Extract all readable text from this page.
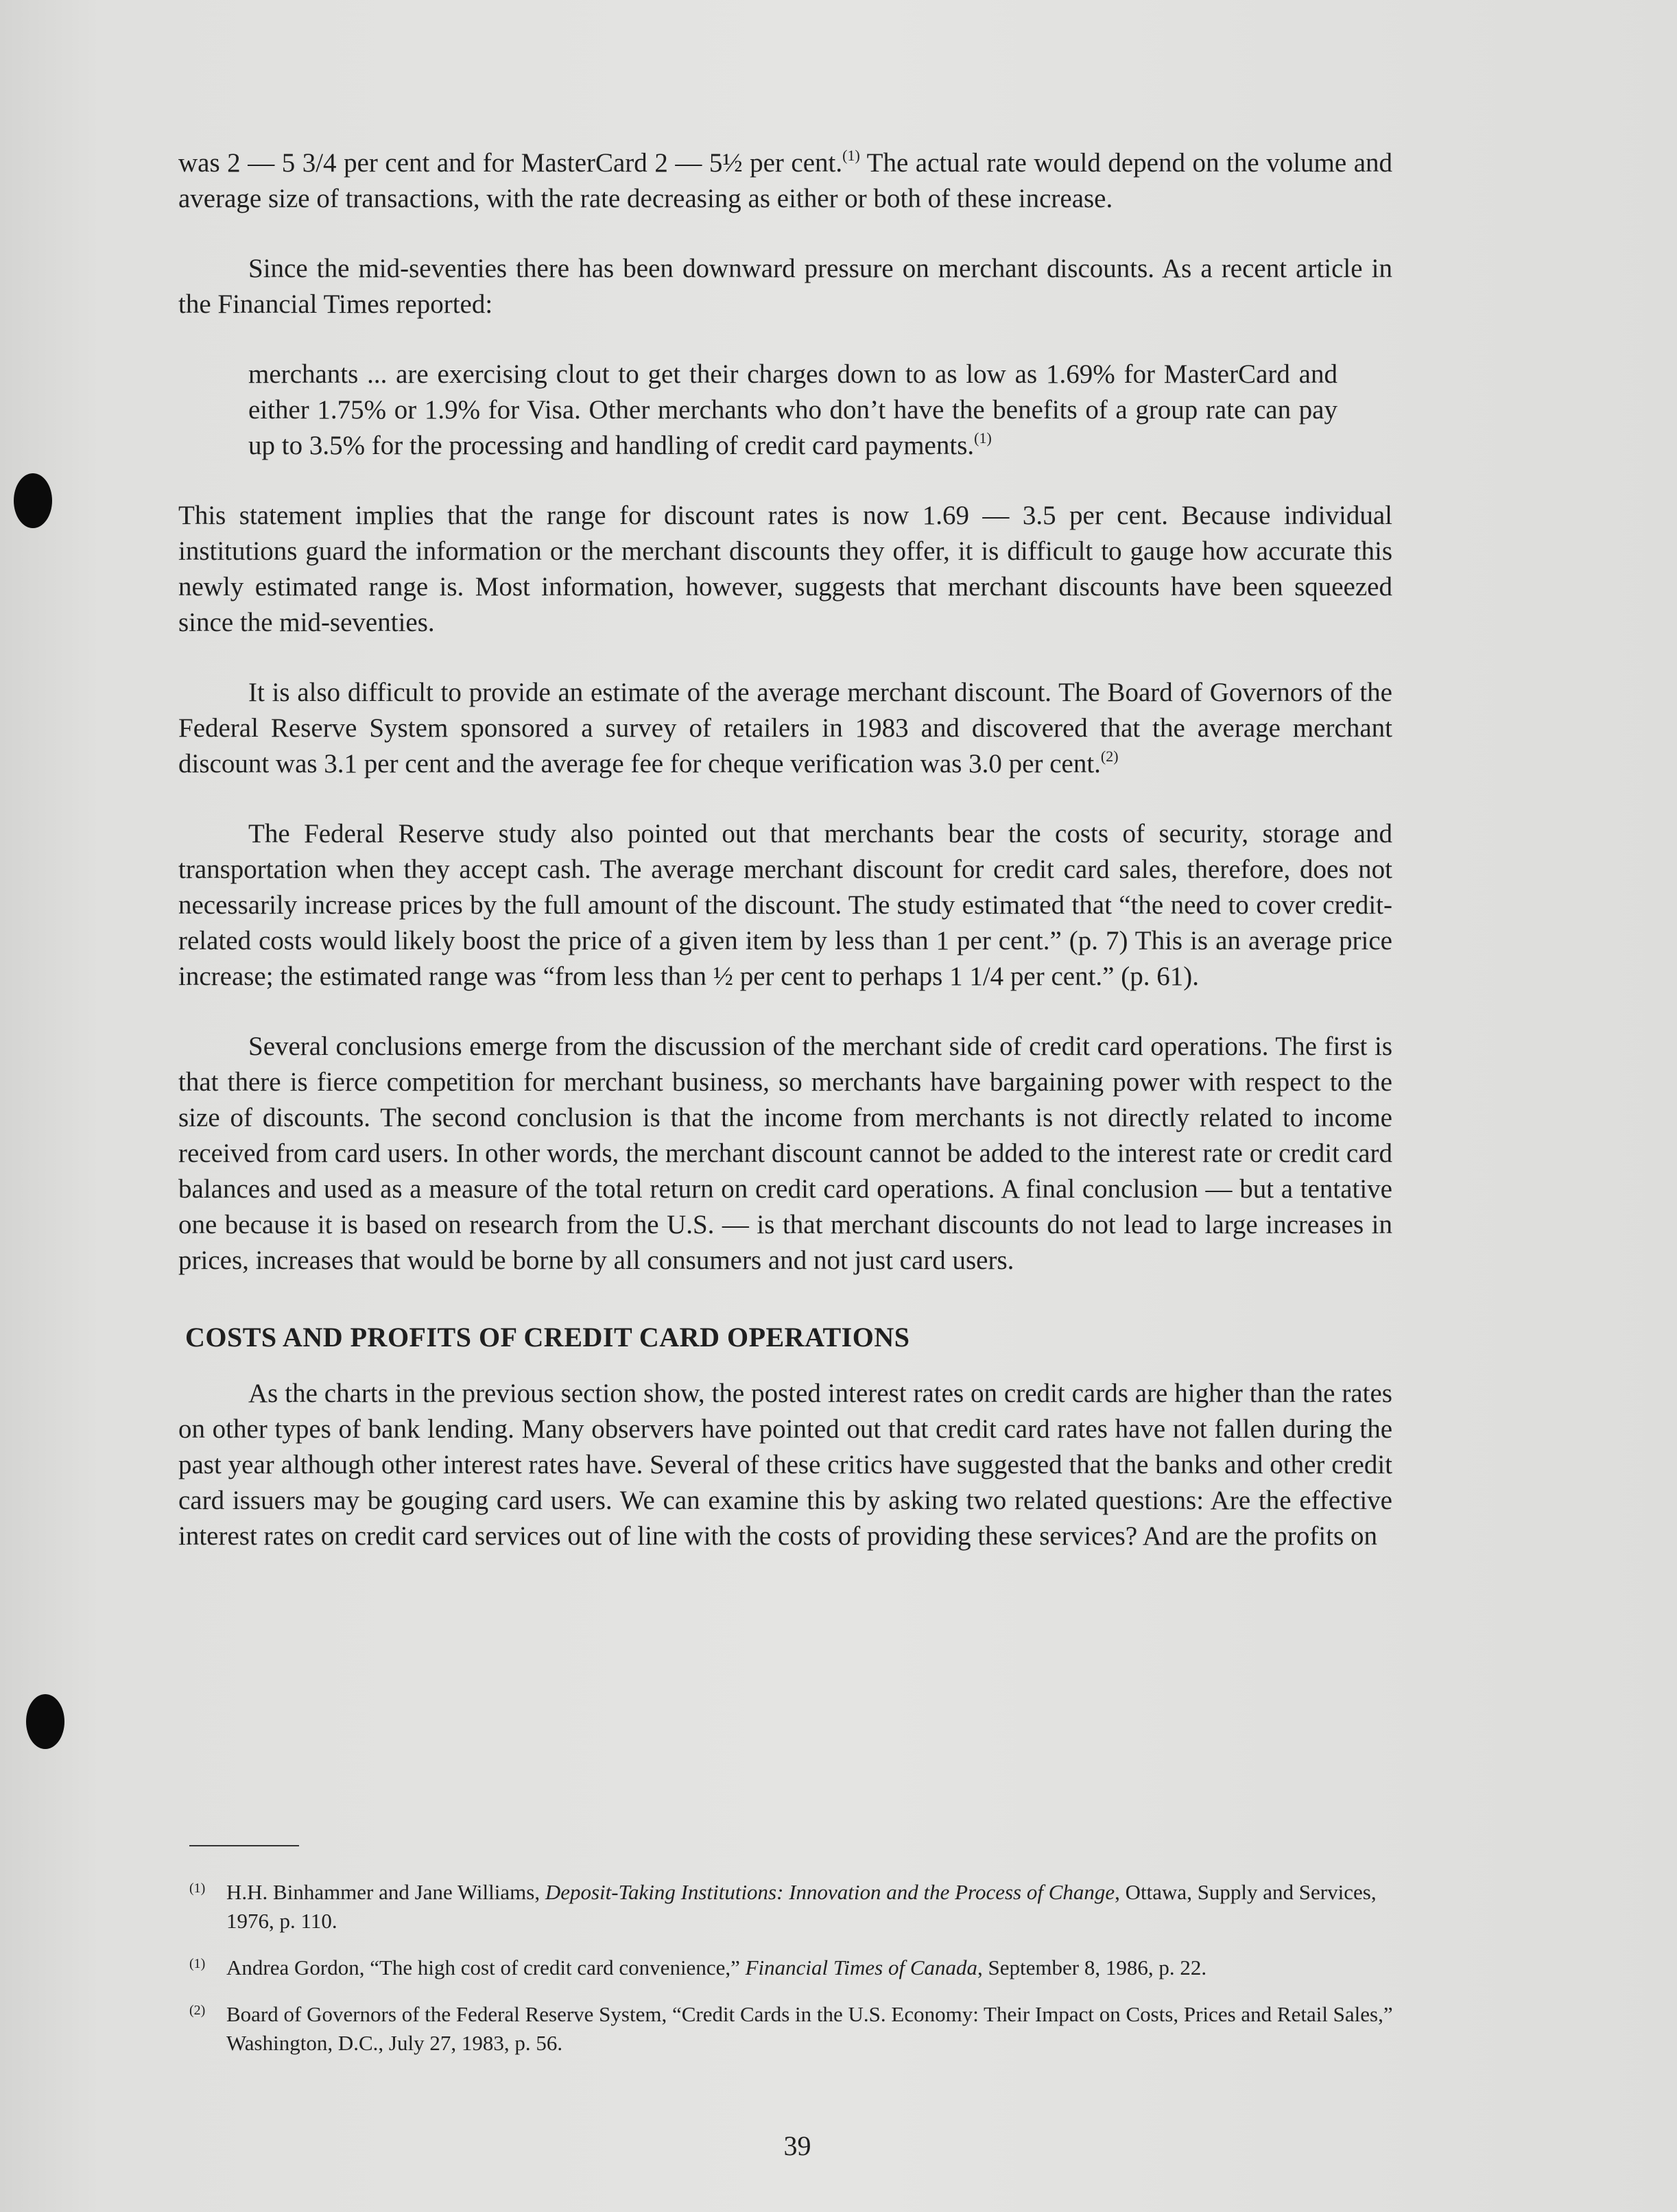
was 2 — 5 3/4 per cent and for MasterCard 2 — 5½ per cent.$^{(1)}$ The actual rate would depend on the volume and average size of transactions, with the rate decreasing as either or both of these increase.

Since the mid-seventies there has been downward pressure on merchant discounts. As a recent article in the Financial Times reported:

merchants ... are exercising clout to get their charges down to as low as 1.69% for MasterCard and either 1.75% or 1.9% for Visa. Other merchants who don’t have the benefits of a group rate can pay up to 3.5% for the processing and handling of credit card payments.$^{(1)}$

This statement implies that the range for discount rates is now 1.69 — 3.5 per cent. Because individual institutions guard the information or the merchant discounts they offer, it is difficult to gauge how accurate this newly estimated range is. Most information, however, suggests that merchant discounts have been squeezed since the mid-seventies.

It is also difficult to provide an estimate of the average merchant discount. The Board of Governors of the Federal Reserve System sponsored a survey of retailers in 1983 and discovered that the average merchant discount was 3.1 per cent and the average fee for cheque verification was 3.0 per cent.$^{(2)}$

The Federal Reserve study also pointed out that merchants bear the costs of security, storage and transportation when they accept cash. The average merchant discount for credit card sales, therefore, does not necessarily increase prices by the full amount of the discount. The study estimated that “the need to cover credit-related costs would likely boost the price of a given item by less than 1 per cent.” (p. 7) This is an average price increase; the estimated range was “from less than ½ per cent to perhaps 1 1/4 per cent.” (p. 61).

Several conclusions emerge from the discussion of the merchant side of credit card operations. The first is that there is fierce competition for merchant business, so merchants have bargaining power with respect to the size of discounts. The second conclusion is that the income from merchants is not directly related to income received from card users. In other words, the merchant discount cannot be added to the interest rate or credit card balances and used as a measure of the total return on credit card operations. A final conclusion — but a tentative one because it is based on research from the U.S. — is that merchant discounts do not lead to large increases in prices, increases that would be borne by all consumers and not just card users.

COSTS AND PROFITS OF CREDIT CARD OPERATIONS

As the charts in the previous section show, the posted interest rates on credit cards are higher than the rates on other types of bank lending. Many observers have pointed out that credit card rates have not fallen during the past year although other interest rates have. Several of these critics have suggested that the banks and other credit card issuers may be gouging card users. We can examine this by asking two related questions: Are the effective interest rates on credit card services out of line with the costs of providing these services? And are the profits on

(1) H.H. Binhammer and Jane Williams, Deposit-Taking Institutions: Innovation and the Process of Change, Ottawa, Supply and Services, 1976, p. 110.
(1) Andrea Gordon, “The high cost of credit card convenience,” Financial Times of Canada, September 8, 1986, p. 22.
(2) Board of Governors of the Federal Reserve System, “Credit Cards in the U.S. Economy: Their Impact on Costs, Prices and Retail Sales,” Washington, D.C., July 27, 1983, p. 56.
39
